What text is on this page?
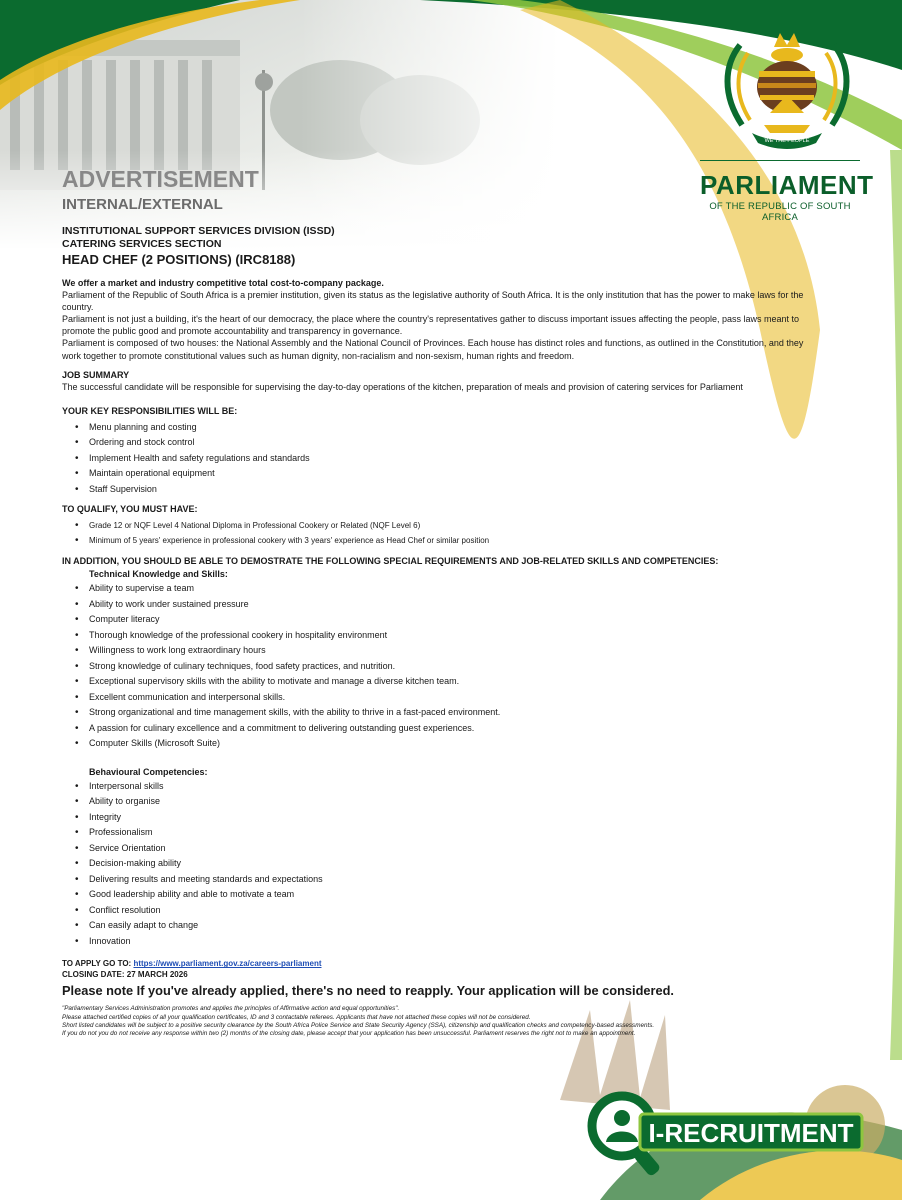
WE THE PEOPLE
PARLIAMENT
OF THE REPUBLIC OF SOUTH AFRICA
ADVERTISEMENT
INTERNAL/EXTERNAL
INSTITUTIONAL SUPPORT SERVICES DIVISION (ISSD)
CATERING SERVICES SECTION
HEAD CHEF (2 POSITIONS) (IRC8188)

We offer a market and industry competitive total cost-to-company package.

Parliament of the Republic of South Africa is a premier institution, given its status as the legislative authority of South Africa. It is the only institution that has the power to make laws for the country.

Parliament is not just a building, it's the heart of our democracy, the place where the country's representatives gather to discuss important issues affecting the people, pass laws meant to promote the public good and promote accountability and transparency in governance.

Parliament is composed of two houses: the National Assembly and the National Council of Provinces. Each house has distinct roles and functions, as outlined in the Constitution, and they work together to promote constitutional values such as human dignity, non-racialism and non-sexism, human rights and freedom.

JOB SUMMARY

The successful candidate will be responsible for supervising the day-to-day operations of the kitchen, preparation of meals and provision of catering services for Parliament

YOUR KEY RESPONSIBILITIES WILL BE:
• Menu planning and costing
• Ordering and stock control
• Implement Health and safety regulations and standards
• Maintain operational equipment
• Staff Supervision
TO QUALIFY, YOU MUST HAVE:
• Grade 12 or NQF Level 4 National Diploma in Professional Cookery or Related (NQF Level 6)
• Minimum of 5 years' experience in professional cookery with 3 years' experience as Head Chef or similar position
IN ADDITION, YOU SHOULD BE ABLE TO DEMOSTRATE THE FOLLOWING SPECIAL REQUIREMENTS AND JOB-RELATED SKILLS AND COMPETENCIES:
Technical Knowledge and Skills:
• Ability to supervise a team
• Ability to work under sustained pressure
• Computer literacy
• Thorough knowledge of the professional cookery in hospitality environment
• Willingness to work long extraordinary hours
• Strong knowledge of culinary techniques, food safety practices, and nutrition.
• Exceptional supervisory skills with the ability to motivate and manage a diverse kitchen team.
• Excellent communication and interpersonal skills.
• Strong organizational and time management skills, with the ability to thrive in a fast-paced environment.
• A passion for culinary excellence and a commitment to delivering outstanding guest experiences.
• Computer Skills (Microsoft Suite)
Behavioural Competencies:
• Interpersonal skills
• Ability to organise
• Integrity
• Professionalism
• Service Orientation
• Decision-making ability
• Delivering results and meeting standards and expectations
• Good leadership ability and able to motivate a team
• Conflict resolution
• Can easily adapt to change
• Innovation
TO APPLY GO TO: https://www.parliament.gov.za/careers-parliament
CLOSING DATE: 27 MARCH 2026
Please note If you've already applied, there's no need to reapply. Your application will be considered.
"Parliamentary Services Administration promotes and applies the principles of Affirmative action and equal opportunities".
Please attached certified copies of all your qualification certificates, ID and 3 contactable referees. Applicants that have not attached these copies will not be considered.
Short listed candidates will be subject to a positive security clearance by the South Africa Police Service and State Security Agency (SSA), citizenship and qualification checks and competency-based assessments.
If you do not you do not receive any response within two (2) months of the closing date, please accept that your application has been unsuccessful. Parliament reserves the right not to make an appointment.
I-RECRUITMENT
